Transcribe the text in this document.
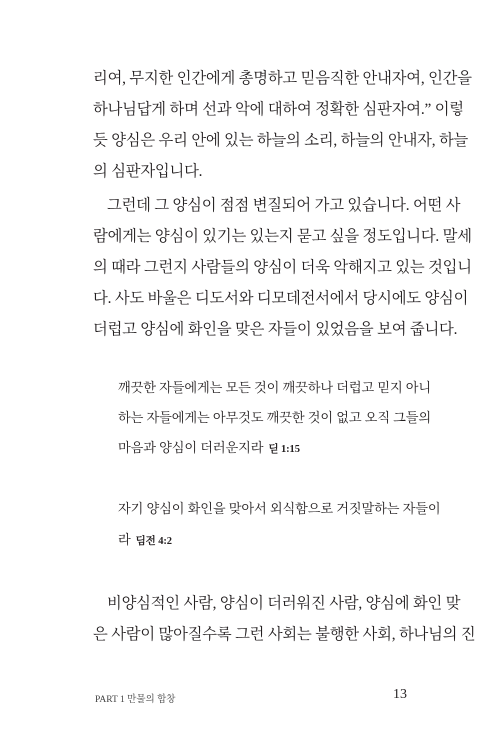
리여, 무지한 인간에게 총명하고 믿음직한 안내자여, 인간을
하나님답게 하며 선과 악에 대하여 정확한 심판자여.” 이렇
듯 양심은 우리 안에 있는 하늘의 소리, 하늘의 안내자, 하늘
의 심판자입니다.
그런데 그 양심이 점점 변질되어 가고 있습니다. 어떤 사
람에게는 양심이 있기는 있는지 묻고 싶을 정도입니다. 말세
의 때라 그런지 사람들의 양심이 더욱 악해지고 있는 것입니
다. 사도 바울은 디도서와 디모데전서에서 당시에도 양심이
더럽고 양심에 화인을 맞은 자들이 있었음을 보여 줍니다.
깨끗한 자들에게는 모든 것이 깨끗하나 더럽고 믿지 아니
하는 자들에게는 아무것도 깨끗한 것이 없고 오직 그들의
마음과 양심이 더러운지라 딛 1:15
자기 양심이 화인을 맞아서 외식함으로 거짓말하는 자들이
라 딤전 4:2
비양심적인 사람, 양심이 더러워진 사람, 양심에 화인 맞
은 사람이 많아질수록 그런 사회는 불행한 사회, 하나님의 진
PART 1 만물의 합창	13
